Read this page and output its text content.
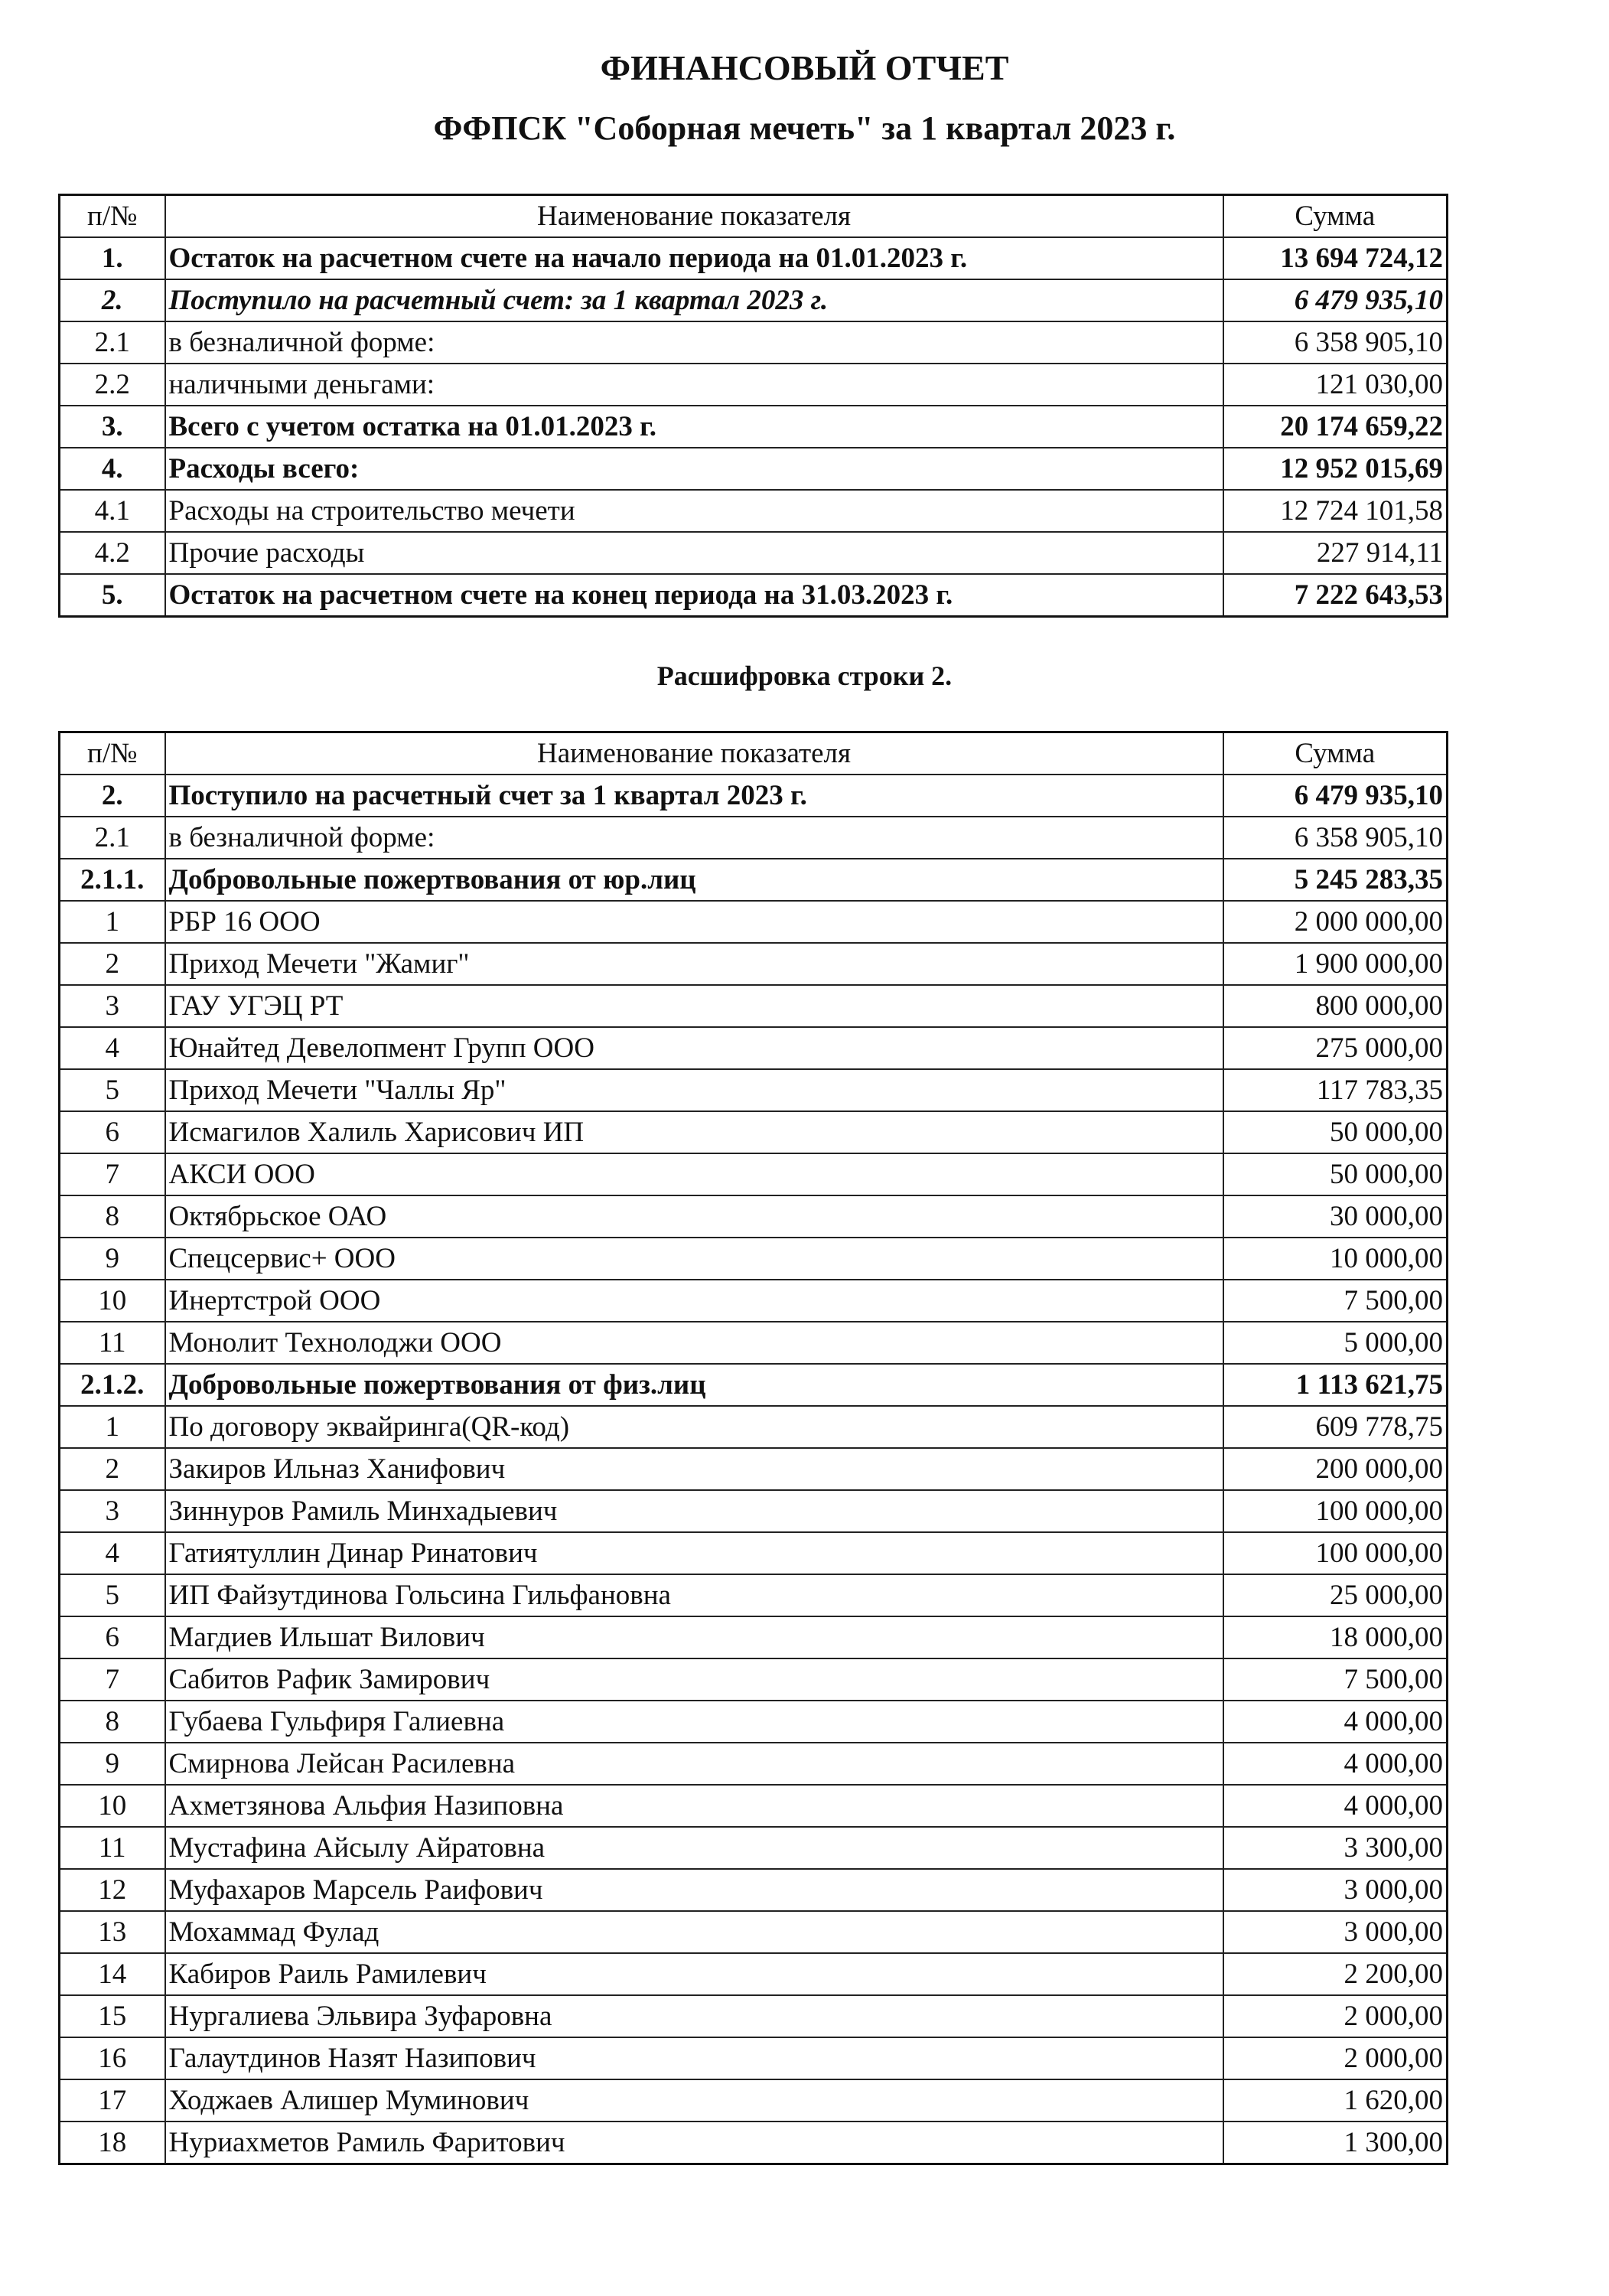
ФИНАНСОВЫЙ ОТЧЕТ
ФФПСК "Соборная мечеть" за 1 квартал 2023 г.
п/№	Наименование показателя	Сумма
1.	Остаток на расчетном счете на начало периода на 01.01.2023 г.	13 694 724,12
2.	Поступило на расчетный счет: за 1 квартал 2023 г.	6 479 935,10
2.1	в безналичной форме:	6 358 905,10
2.2	наличными деньгами:	121 030,00
3.	Всего с учетом остатка на 01.01.2023 г.	20 174 659,22
4.	Расходы всего:	12 952 015,69
4.1	Расходы на строительство мечети	12 724 101,58
4.2	Прочие расходы	227 914,11
5.	Остаток на расчетном счете на конец периода на 31.03.2023 г.	7 222 643,53
Расшифровка строки 2.
п/№	Наименование показателя	Сумма
2.	Поступило на расчетный счет за 1 квартал 2023 г.	6 479 935,10
2.1	в безналичной форме:	6 358 905,10
2.1.1.	Добровольные пожертвования от юр.лиц	5 245 283,35
1	РБР 16 ООО	2 000 000,00
2	Приход Мечети "Жамиг"	1 900 000,00
3	ГАУ УГЭЦ РТ	800 000,00
4	Юнайтед Девелопмент Групп ООО	275 000,00
5	Приход Мечети "Чаллы Яр"	117 783,35
6	Исмагилов Халиль Харисович ИП	50 000,00
7	АКСИ ООО	50 000,00
8	Октябрьское ОАО	30 000,00
9	Спецсервис+ ООО	10 000,00
10	Инертстрой ООО	7 500,00
11	Монолит Технолоджи ООО	5 000,00
2.1.2.	Добровольные пожертвования от физ.лиц	1 113 621,75
1	По договору эквайринга(QR-код)	609 778,75
2	Закиров Ильназ Ханифович	200 000,00
3	Зиннуров Рамиль Минхадыевич	100 000,00
4	Гатиятуллин Динар Ринатович	100 000,00
5	ИП Файзутдинова Гольсина Гильфановна	25 000,00
6	Магдиев Ильшат Вилович	18 000,00
7	Сабитов Рафик Замирович	7 500,00
8	Губаева Гульфиря Галиевна	4 000,00
9	Смирнова Лейсан Расилевна	4 000,00
10	Ахметзянова Альфия Назиповна	4 000,00
11	Мустафина Айсылу Айратовна	3 300,00
12	Муфахаров Марсель Раифович	3 000,00
13	Мохаммад Фулад	3 000,00
14	Кабиров Раиль Рамилевич	2 200,00
15	Нургалиева Эльвира Зуфаровна	2 000,00
16	Галаутдинов Назят Назипович	2 000,00
17	Ходжаев Алишер Муминович	1 620,00
18	Нуриахметов Рамиль Фаритович	1 300,00
